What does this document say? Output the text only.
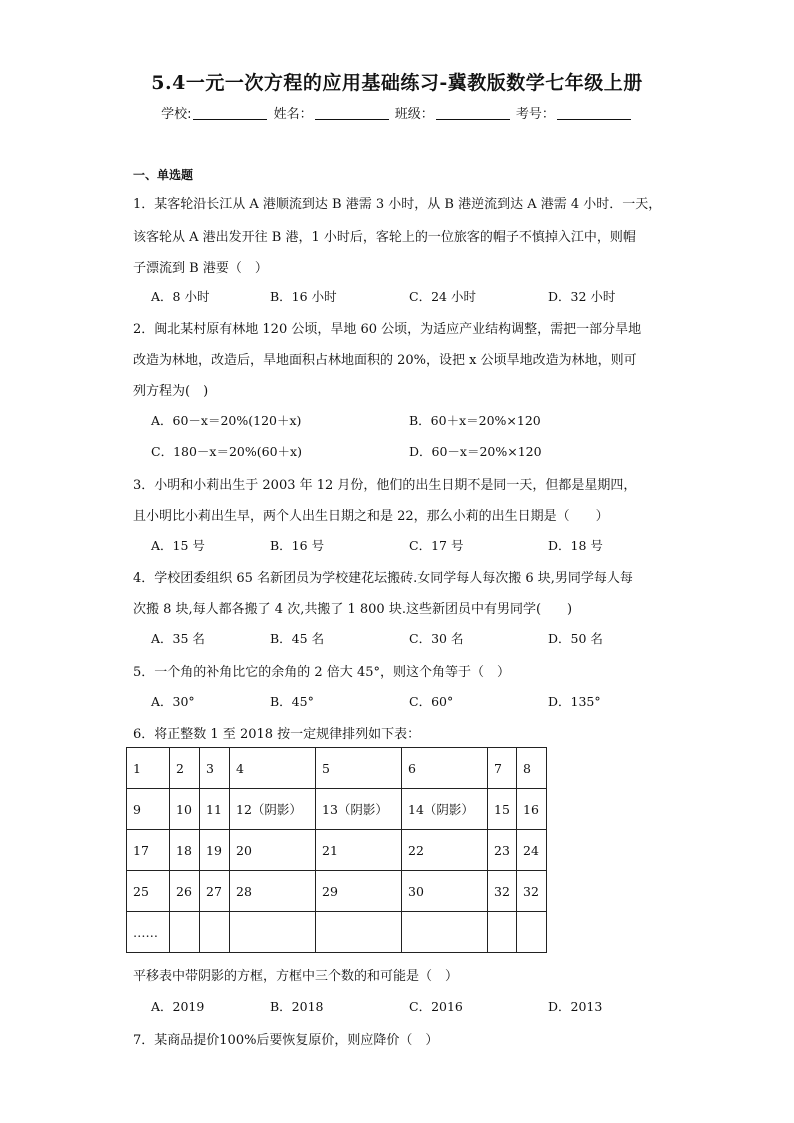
5.4一元一次方程的应用基础练习-冀教版数学七年级上册
学校:	姓名：	班级：	考号：
一、单选题
1．某客轮沿长江从 A 港顺流到达 B 港需 3 小时，从 B 港逆流到达 A 港需 4 小时．一天，
该客轮从 A 港出发开往 B 港，1 小时后，客轮上的一位旅客的帽子不慎掉入江中，则帽
子漂流到 B 港要（　）
A．8 小时	B．16 小时	C．24 小时	D．32 小时
2．闽北某村原有林地 120 公顷，旱地 60 公顷，为适应产业结构调整，需把一部分旱地
改造为林地，改造后，旱地面积占林地面积的 20%，设把 x 公顷旱地改造为林地，则可
列方程为(　)
A．60－x＝20%(120＋x)	B．60＋x＝20%×120
C．180－x＝20%(60＋x)	D．60－x＝20%×120
3．小明和小莉出生于 2003 年 12 月份，他们的出生日期不是同一天，但都是星期四，
且小明比小莉出生早，两个人出生日期之和是 22，那么小莉的出生日期是（　　）
A．15 号	B．16 号	C．17 号	D．18 号
4．学校团委组织 65 名新团员为学校建花坛搬砖.女同学每人每次搬 6 块,男同学每人每
次搬 8 块,每人都各搬了 4 次,共搬了 1 800 块.这些新团员中有男同学(　　)
A．35 名	B．45 名	C．30 名	D．50 名
5．一个角的补角比它的余角的 2 倍大 45°，则这个角等于（　）
A．30°	B．45°	C．60°	D．135°
6．将正整数 1 至 2018 按一定规律排列如下表：
1	2	3	4	5	6	7	8
9	10	11	12（阴影）	13（阴影）	14（阴影）	15	16
17	18	19	20	21	22	23	24
25	26	27	28	29	30	32	32
……							
平移表中带阴影的方框，方框中三个数的和可能是（　）
A．2019	B．2018	C．2016	D．2013
7．某商品提价100%后要恢复原价，则应降价（　）
